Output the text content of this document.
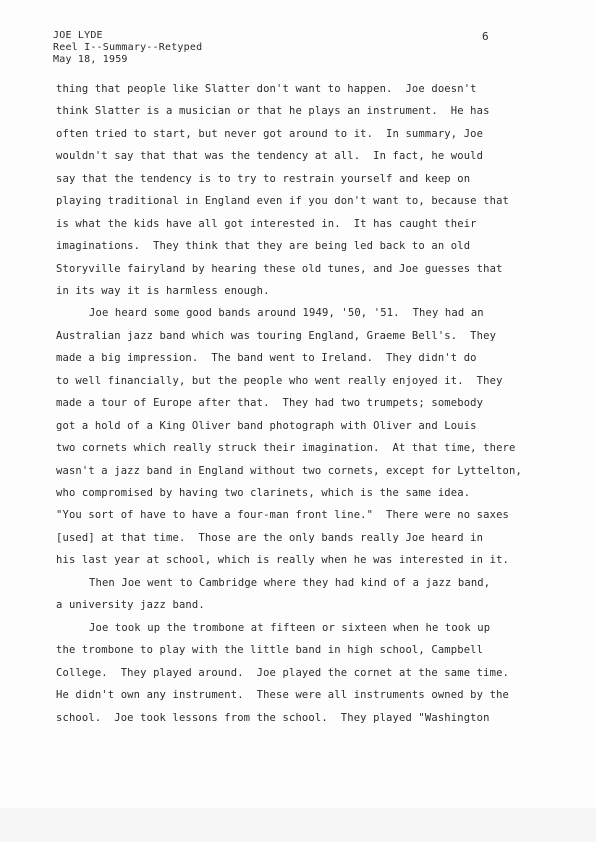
JOE LYDE
Reel I--Summary--Retyped
May 18, 1959
6
thing that people like Slatter don't want to happen.  Joe doesn't
think Slatter is a musician or that he plays an instrument.  He has
often tried to start, but never got around to it.  In summary, Joe
wouldn't say that that was the tendency at all.  In fact, he would
say that the tendency is to try to restrain yourself and keep on
playing traditional in England even if you don't want to, because that
is what the kids have all got interested in.  It has caught their
imaginations.  They think that they are being led back to an old
Storyville fairyland by hearing these old tunes, and Joe guesses that
in its way it is harmless enough.
Joe heard some good bands around 1949, '50, '51.  They had an
Australian jazz band which was touring England, Graeme Bell's.  They
made a big impression.  The band went to Ireland.  They didn't do
to well financially, but the people who went really enjoyed it.  They
made a tour of Europe after that.  They had two trumpets; somebody
got a hold of a King Oliver band photograph with Oliver and Louis
two cornets which really struck their imagination.  At that time, there
wasn't a jazz band in England without two cornets, except for Lyttelton,
who compromised by having two clarinets, which is the same idea.
"You sort of have to have a four-man front line."  There were no saxes
[used] at that time.  Those are the only bands really Joe heard in
his last year at school, which is really when he was interested in it.
Then Joe went to Cambridge where they had kind of a jazz band,
a university jazz band.
Joe took up the trombone at fifteen or sixteen when he took up
the trombone to play with the little band in high school, Campbell
College.  They played around.  Joe played the cornet at the same time.
He didn't own any instrument.  These were all instruments owned by the
school.  Joe took lessons from the school.  They played "Washington
